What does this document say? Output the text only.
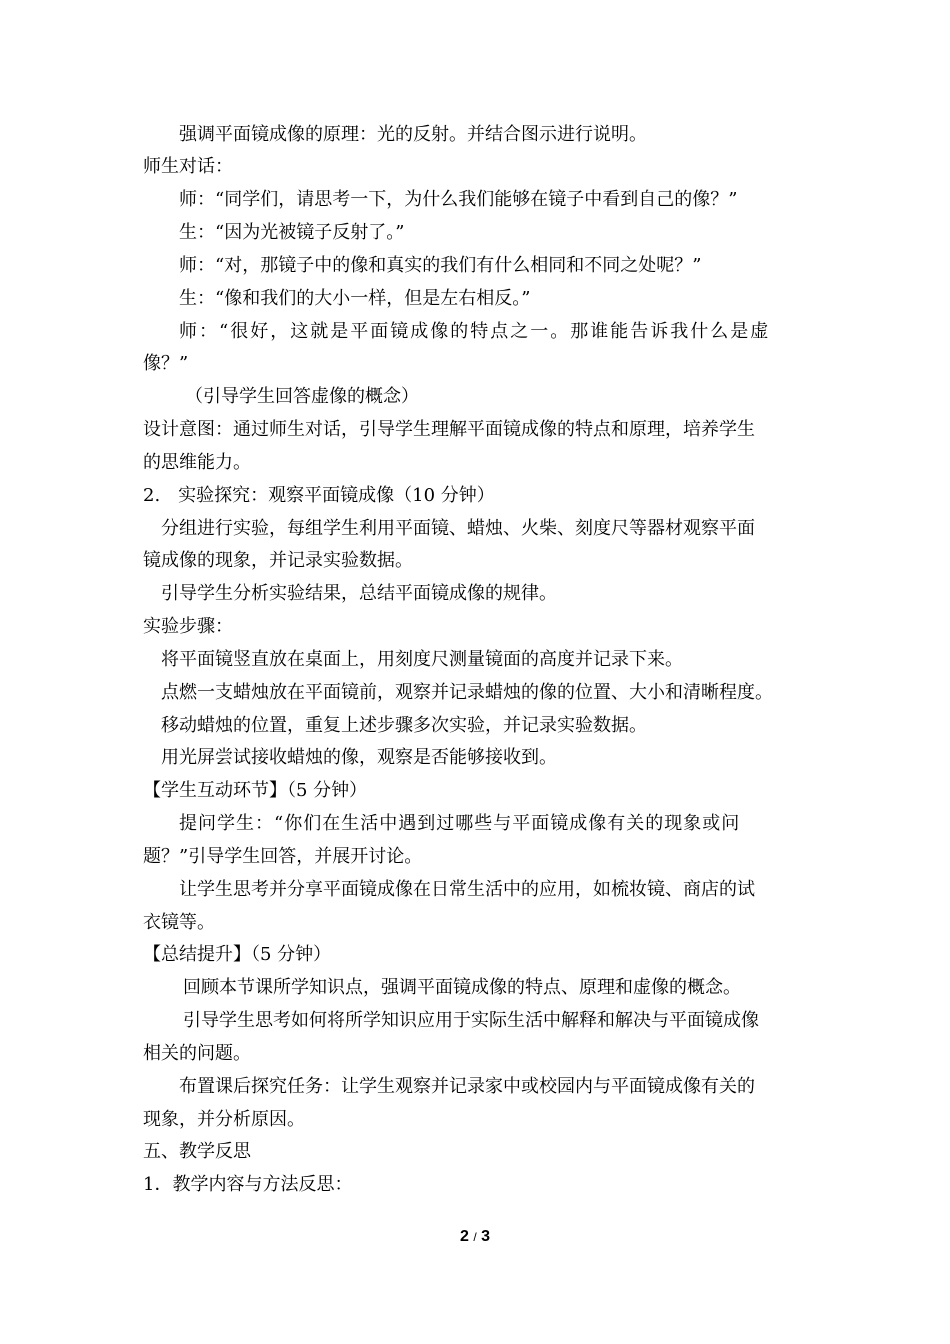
强调平面镜成像的原理：光的反射。并结合图示进行说明。
师生对话：
师：“同学们，请思考一下，为什么我们能够在镜子中看到自己的像？”
生：“因为光被镜子反射了。”
师：“对，那镜子中的像和真实的我们有什么相同和不同之处呢？”
生：“像和我们的大小一样，但是左右相反。”
师：“很好，这就是平面镜成像的特点之一。那谁能告诉我什么是虚
像？”
（引导学生回答虚像的概念）
设计意图：通过师生对话，引导学生理解平面镜成像的特点和原理，培养学生
的思维能力。
2.　实验探究：观察平面镜成像（10 分钟）
分组进行实验，每组学生利用平面镜、蜡烛、火柴、刻度尺等器材观察平面
镜成像的现象，并记录实验数据。
引导学生分析实验结果，总结平面镜成像的规律。
实验步骤：
将平面镜竖直放在桌面上，用刻度尺测量镜面的高度并记录下来。
点燃一支蜡烛放在平面镜前，观察并记录蜡烛的像的位置、大小和清晰程度。
移动蜡烛的位置，重复上述步骤多次实验，并记录实验数据。
用光屏尝试接收蜡烛的像，观察是否能够接收到。
【学生互动环节】（5 分钟）
提问学生：“你们在生活中遇到过哪些与平面镜成像有关的现象或问
题？”引导学生回答，并展开讨论。
让学生思考并分享平面镜成像在日常生活中的应用，如梳妆镜、商店的试
衣镜等。
【总结提升】（5 分钟）
回顾本节课所学知识点，强调平面镜成像的特点、原理和虚像的概念。
引导学生思考如何将所学知识应用于实际生活中解释和解决与平面镜成像
相关的问题。
布置课后探究任务：让学生观察并记录家中或校园内与平面镜成像有关的
现象，并分析原因。
五、教学反思
1．教学内容与方法反思：
2 / 3
